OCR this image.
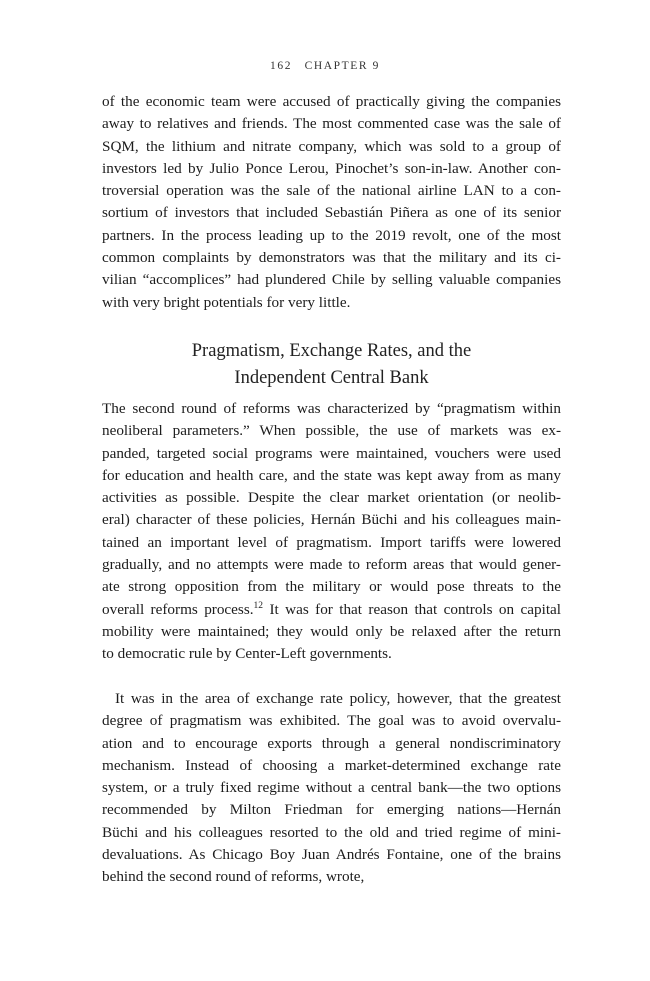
162 CHAPTER 9
of the economic team were accused of practically giving the companies
away to relatives and friends. The most commented case was the sale of
SQM, the lithium and nitrate company, which was sold to a group of
investors led by Julio Ponce Lerou, Pinochet’s son-in-law. Another con-
troversial operation was the sale of the national airline LAN to a con-
sortium of investors that included Sebastián Piñera as one of its senior
partners. In the process leading up to the 2019 revolt, one of the most
common complaints by demonstrators was that the military and its ci-
vilian “accomplices” had plundered Chile by selling valuable companies
with very bright potentials for very little.
Pragmatism, Exchange Rates, and the
Independent Central Bank
The second round of reforms was characterized by “pragmatism within
neoliberal parameters.” When possible, the use of markets was ex-
panded, targeted social programs were maintained, vouchers were used
for education and health care, and the state was kept away from as many
activities as possible. Despite the clear market orientation (or neolib-
eral) character of these policies, Hernán Büchi and his colleagues main-
tained an important level of pragmatism. Import tariffs were lowered
gradually, and no attempts were made to reform areas that would gener-
ate strong opposition from the military or would pose threats to the
overall reforms process.$^{12}$ It was for that reason that controls on capital
mobility were maintained; they would only be relaxed after the return
to democratic rule by Center-Left governments.
It was in the area of exchange rate policy, however, that the greatest
degree of pragmatism was exhibited. The goal was to avoid overvalu-
ation and to encourage exports through a general nondiscriminatory
mechanism. Instead of choosing a market-determined exchange rate
system, or a truly fixed regime without a central bank—the two options
recommended by Milton Friedman for emerging nations—Hernán
Büchi and his colleagues resorted to the old and tried regime of mini-
devaluations. As Chicago Boy Juan Andrés Fontaine, one of the brains
behind the second round of reforms, wrote,
